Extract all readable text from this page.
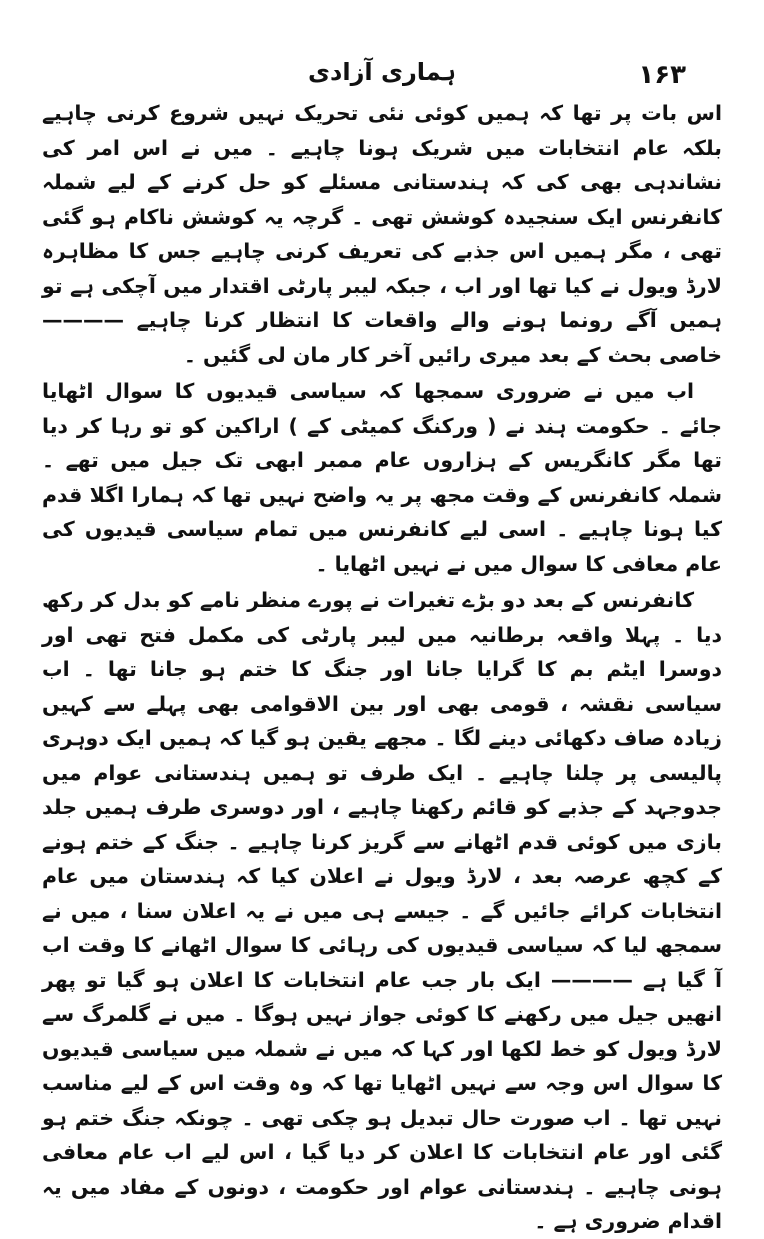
۱۶۳
ہماری آزادی

اس بات پر تھا کہ ہمیں کوئی نئی تحریک نہیں شروع کرنی چاہیے بلکہ عام انتخابات میں شریک ہونا چاہیے ۔ میں نے اس امر کی نشاندہی بھی کی کہ ہندستانی مسئلے کو حل کرنے کے لیے شملہ کانفرنس ایک سنجیدہ کوشش تھی ۔ گرچہ یہ کوشش ناکام ہو گئی تھی ، مگر ہمیں اس جذبے کی تعریف کرنی چاہیے جس کا مظاہرہ لارڈ ویول نے کیا تھا اور اب ، جبکہ لیبر پارٹی اقتدار میں آچکی ہے تو ہمیں آگے رونما ہونے والے واقعات کا انتظار کرنا چاہیے ———— خاصی بحث کے بعد میری رائیں آخر کار مان لی گئیں ۔

اب میں نے ضروری سمجھا کہ سیاسی قیدیوں کا سوال اٹھایا جائے ۔ حکومت ہند نے ( ورکنگ کمیٹی کے ) اراکین کو تو رہا کر دیا تھا مگر کانگریس کے ہزاروں عام ممبر ابھی تک جیل میں تھے ۔ شملہ کانفرنس کے وقت مجھ پر یہ واضح نہیں تھا کہ ہمارا اگلا قدم کیا ہونا چاہیے ۔ اسی لیے کانفرنس میں تمام سیاسی قیدیوں کی عام معافی کا سوال میں نے نہیں اٹھایا ۔

کانفرنس کے بعد دو بڑے تغیرات نے پورے منظر نامے کو بدل کر رکھ دیا ۔ پہلا واقعہ برطانیہ میں لیبر پارٹی کی مکمل فتح تھی اور دوسرا ایٹم بم کا گرایا جانا اور جنگ کا ختم ہو جانا تھا ۔ اب سیاسی نقشہ ، قومی بھی اور بین الاقوامی بھی پہلے سے کہیں زیادہ صاف دکھائی دینے لگا ۔ مجھے یقین ہو گیا کہ ہمیں ایک دوہری پالیسی پر چلنا چاہیے ۔ ایک طرف تو ہمیں ہندستانی عوام میں جدوجہد کے جذبے کو قائم رکھنا چاہیے ، اور دوسری طرف ہمیں جلد بازی میں کوئی قدم اٹھانے سے گریز کرنا چاہیے ۔ جنگ کے ختم ہونے کے کچھ عرصہ بعد ، لارڈ ویول نے اعلان کیا کہ ہندستان میں عام انتخابات کرائے جائیں گے ۔ جیسے ہی میں نے یہ اعلان سنا ، میں نے سمجھ لیا کہ سیاسی قیدیوں کی رہائی کا سوال اٹھانے کا وقت اب آ گیا ہے ———— ایک بار جب عام انتخابات کا اعلان ہو گیا تو پھر انھیں جیل میں رکھنے کا کوئی جواز نہیں ہوگا ۔ میں نے گلمرگ سے لارڈ ویول کو خط لکھا اور کہا کہ میں نے شملہ میں سیاسی قیدیوں کا سوال اس وجہ سے نہیں اٹھایا تھا کہ وہ وقت اس کے لیے مناسب نہیں تھا ۔ اب صورت حال تبدیل ہو چکی تھی ۔ چونکہ جنگ ختم ہو گئی اور عام انتخابات کا اعلان کر دیا گیا ، اس لیے اب عام معافی ہونی چاہیے ۔ ہندستانی عوام اور حکومت ، دونوں کے مفاد میں یہ اقدام ضروری ہے ۔
